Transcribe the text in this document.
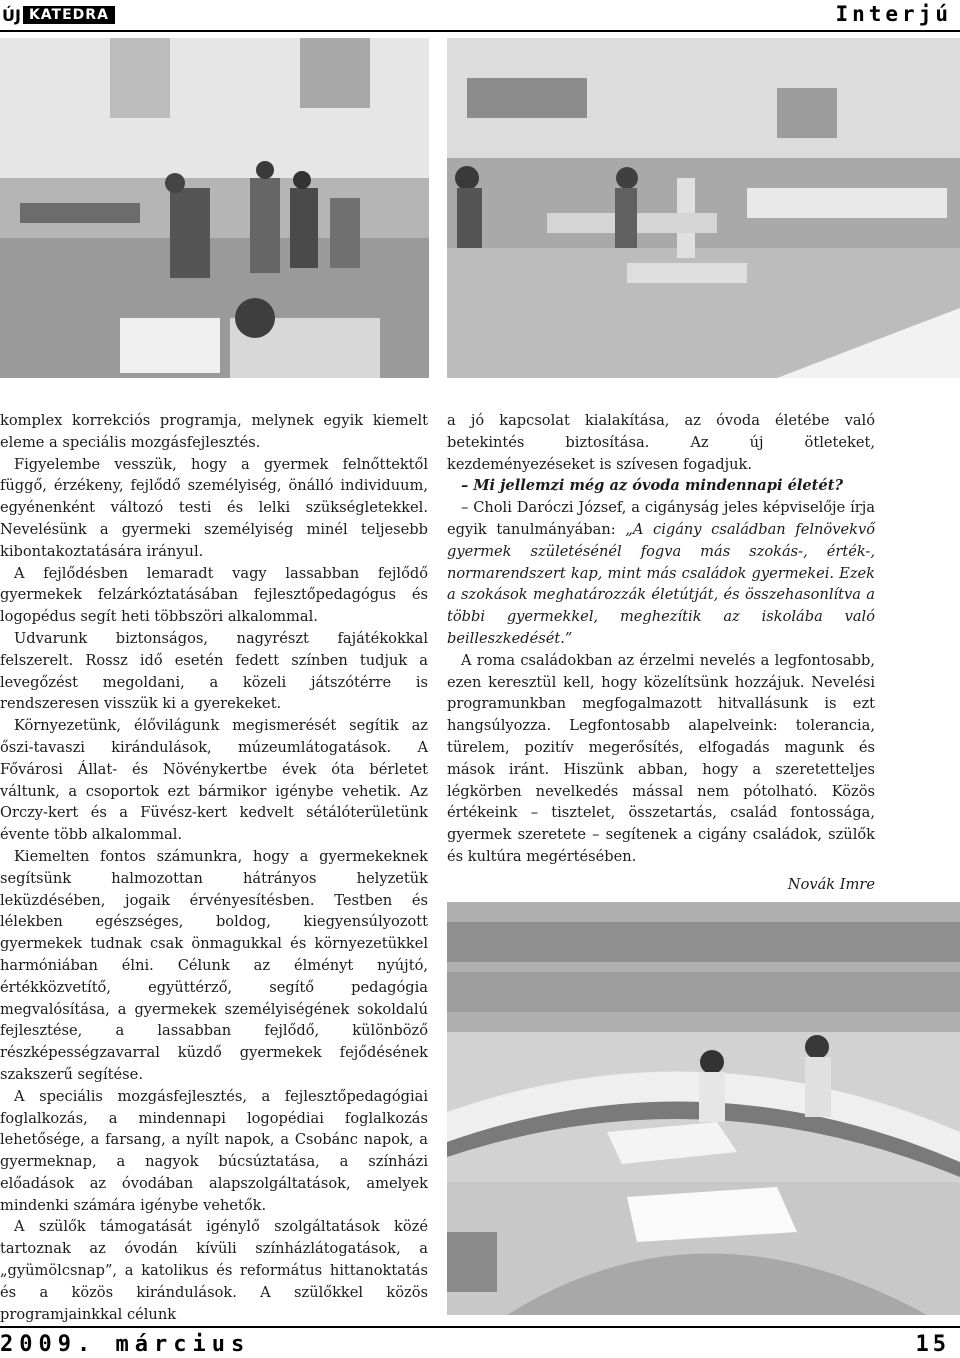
ÚJ KATEDRA	Interjú

komplex korrekciós programja, melynek egyik kiemelt eleme a speciális mozgásfejlesztés.

Figyelembe vesszük, hogy a gyermek felnőttektől függő, érzékeny, fejlődő személyiség, önálló individuum, egyénenként változó testi és lelki szükségletekkel. Nevelésünk a gyermeki személyiség minél teljesebb kibontakoztatására irányul.

A fejlődésben lemaradt vagy lassabban fejlődő gyermekek felzárkóztatásában fejlesztőpedagógus és logopédus segít heti többszöri alkalommal.

Udvarunk biztonságos, nagyrészt fajátékokkal felszerelt. Rossz idő esetén fedett színben tudjuk a levegőzést megoldani, a közeli játszótérre is rendszeresen visszük ki a gyerekeket.

Környezetünk, élővilágunk megismerését segítik az őszi-tavaszi kirándulások, múzeumlátogatások. A Fővárosi Állat- és Növénykertbe évek óta bérletet váltunk, a csoportok ezt bármikor igénybe vehetik. Az Orczy-kert és a Füvész-kert kedvelt sétálóterületünk évente több alkalommal.

Kiemelten fontos számunkra, hogy a gyermekeknek segítsünk halmozottan hátrányos helyzetük leküzdésében, jogaik érvényesítésben. Testben és lélekben egészséges, boldog, kiegyensúlyozott gyermekek tudnak csak önmagukkal és környezetükkel harmóniában élni. Célunk az élményt nyújtó, értékközvetítő, együttérző, segítő pedagógia megvalósítása, a gyermekek személyiségének sokoldalú fejlesztése, a lassabban fejlődő, különböző részképességzavarral küzdő gyermekek fejődésének szakszerű segítése.

A speciális mozgásfejlesztés, a fejlesztőpedagógiai foglalkozás, a mindennapi logopédiai foglalkozás lehetősége, a farsang, a nyílt napok, a Csobánc napok, a gyermeknap, a nagyok búcsúztatása, a színházi előadások az óvodában alapszolgáltatások, amelyek mindenki számára igénybe vehetők.

A szülők támogatását igénylő szolgáltatások közé tartoznak az óvodán kívüli színházlátogatások, a „gyümölcsnap”, a katolikus és református hittanoktatás és a közös kirándulások. A szülőkkel közös programjainkkal célunk

a jó kapcsolat kialakítása, az óvoda életébe való betekintés biztosítása. Az új ötleteket, kezdeményezéseket is szívesen fogadjuk.

– Mi jellemzi még az óvoda mindennapi életét?

– Choli Daróczi József, a cigányság jeles képviselője írja egyik tanulmányában: „A cigány családban felnövekvő gyermek születésénél fogva más szokás-, érték-, normarendszert kap, mint más családok gyermekei. Ezek a szokások meghatározzák életútját, és összehasonlítva a többi gyermekkel, meghezítik az iskolába való beilleszkedését.”

A roma családokban az érzelmi nevelés a legfontosabb, ezen keresztül kell, hogy közelítsünk hozzájuk. Nevelési programunkban megfogalmazott hitvallásunk is ezt hangsúlyozza. Legfontosabb alapelveink: tolerancia, türelem, pozitív megerősítés, elfogadás magunk és mások iránt. Hiszünk abban, hogy a szeretetteljes légkörben nevelkedés mással nem pótolható. Közös értékeink – tisztelet, összetartás, család fontossága, gyermek szeretete – segítenek a cigány családok, szülők és kultúra megértésében.

Novák Imre

2009. március	15
